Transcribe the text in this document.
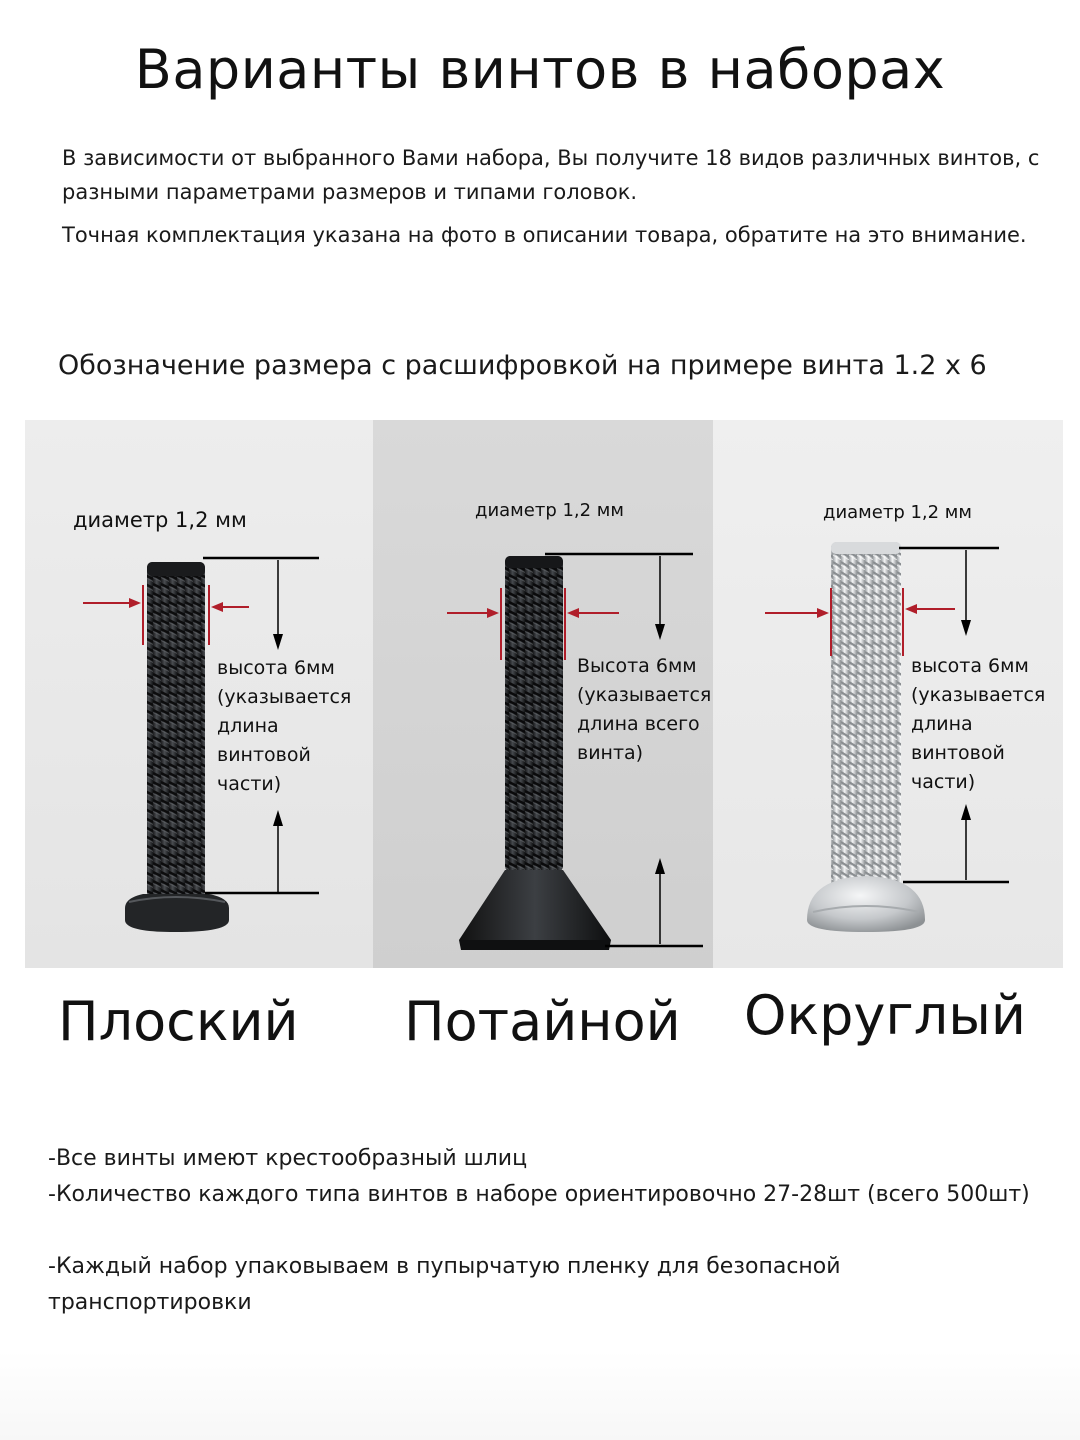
Варианты винтов в наборах
В зависимости от выбранного Вами набора, Вы получите 18 видов различных винтов, с разными параметрами размеров и типами головок.
Точная комплектация указана на фото в описании товара, обратите на это внимание.
Обозначение размера с расшифровкой на примере винта 1.2 х 6
диаметр 1,2 мм
высота 6мм (указывается длина винтовой части)
диаметр 1,2 мм
Высота 6мм (указывается длина всего винта)
диаметр 1,2 мм
высота 6мм (указывается длина винтовой части)
Плоский Потайной Округлый
-Все винты имеют крестообразный шлиц
-Количество каждого типа винтов в наборе ориентировочно 27-28шт (всего 500шт)
-Каждый набор упаковываем в пупырчатую пленку для безопасной транспортировки
